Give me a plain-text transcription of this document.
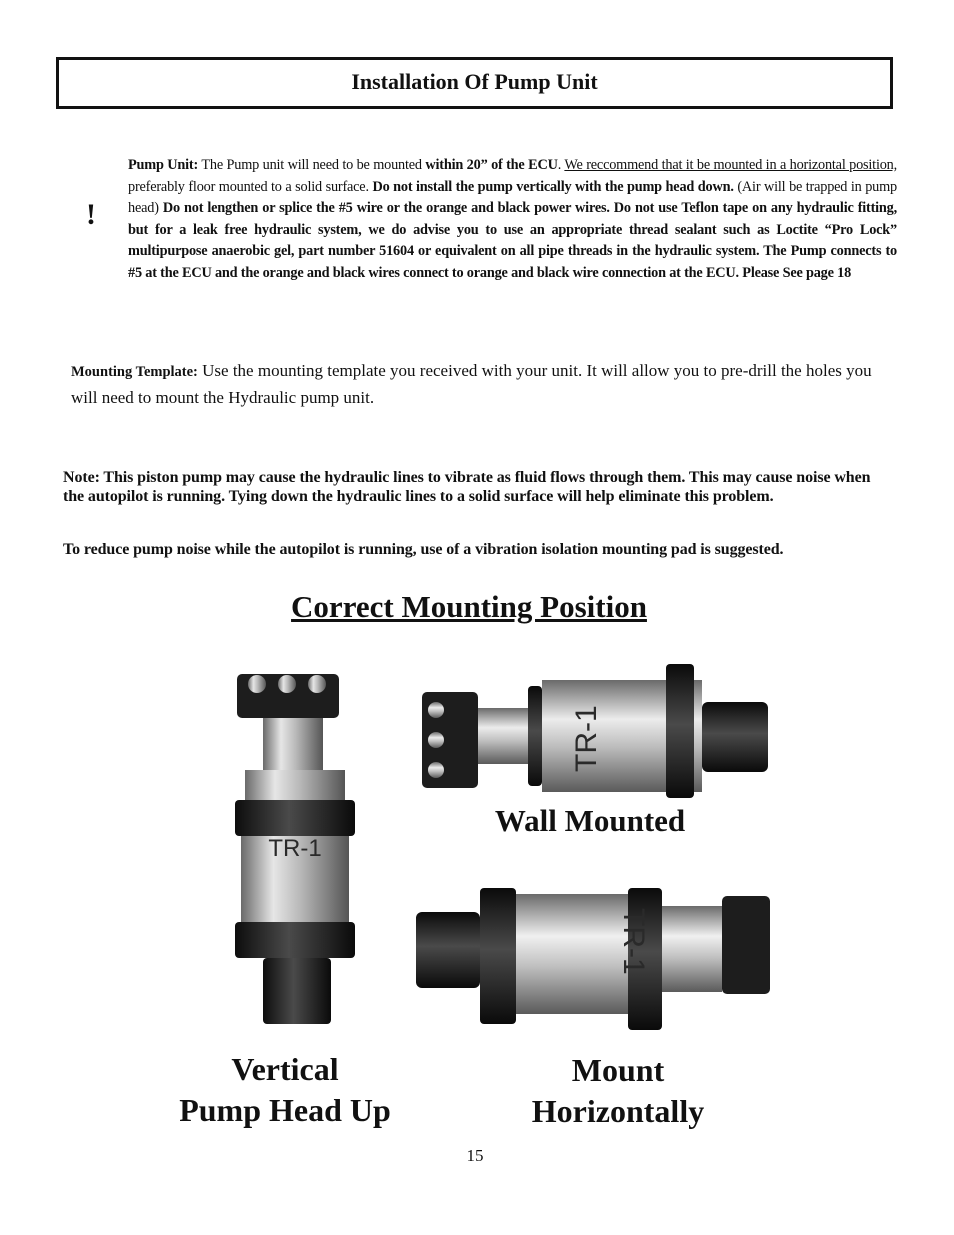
Installation Of Pump Unit
!
Pump Unit: The Pump unit will need to be mounted within 20” of the ECU. We reccommend that it be mounted in a horizontal position, preferably floor mounted to a solid surface. Do not install the pump vertically with the pump head down. (Air will be trapped in pump head) Do not lengthen or splice the #5 wire or the orange and black power wires. Do not use Teflon tape on any hydraulic fitting, but for a leak free hydraulic system, we do advise you to use an appropriate thread sealant such as Loctite “Pro Lock” multipurpose anaerobic gel, part number 51604 or equivalent on all pipe threads in the hydraulic system. The Pump connects to #5 at the ECU and the orange and black wires connect to orange and black wire connection at the ECU. Please See page 18
Mounting Template: Use the mounting template you received with your unit. It will allow you to pre-drill the holes you will need to mount the Hydraulic pump unit.
Note: This piston pump may cause the hydraulic lines to vibrate as fluid flows through them. This may cause noise when the autopilot is running. Tying down the hydraulic lines to a solid surface will help eliminate this problem.
To reduce pump noise while the autopilot is running, use of a vibration isolation mounting pad is suggested.
Correct Mounting Position
TR-1
TR-1
TR-1
Wall Mounted
Vertical
Pump Head Up
Mount
Horizontally
15
